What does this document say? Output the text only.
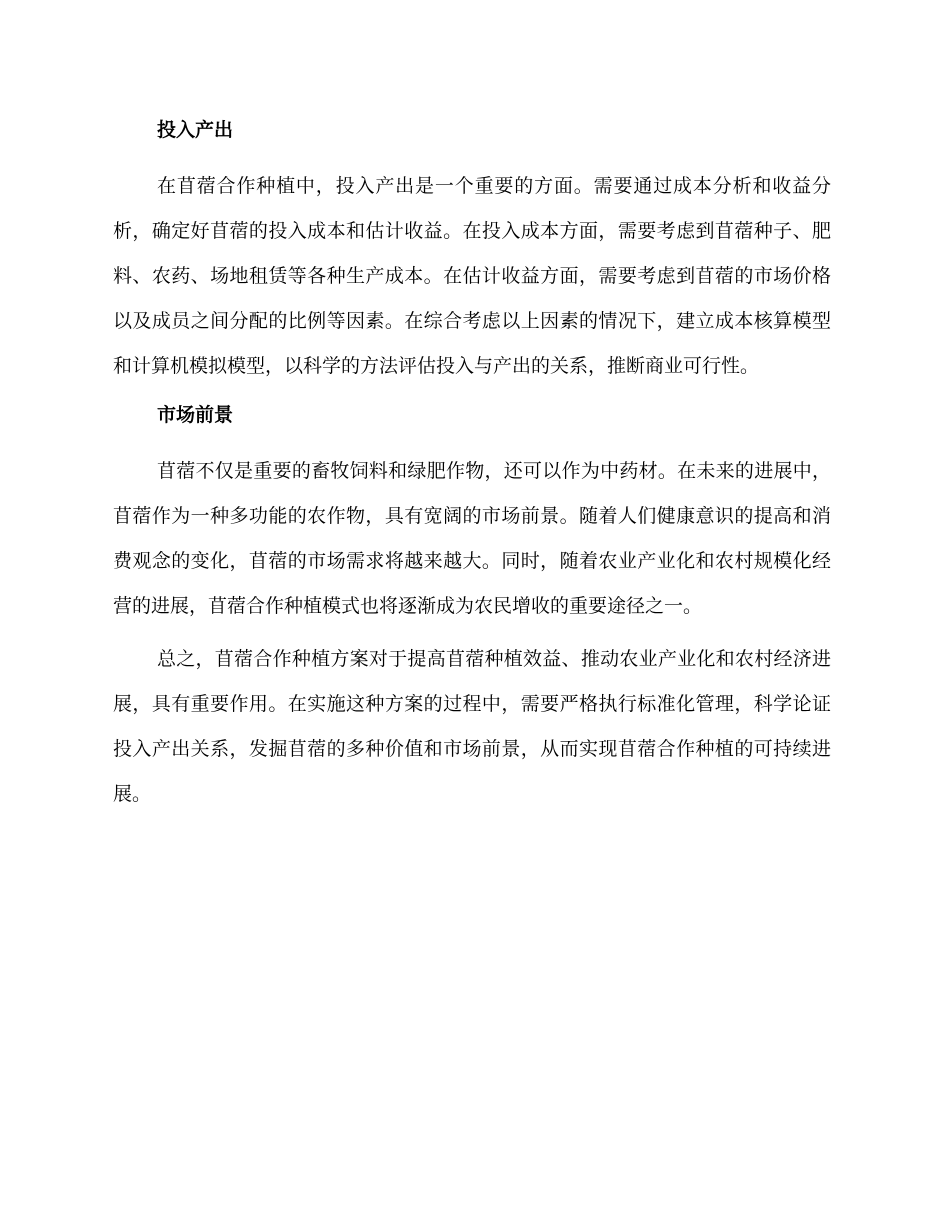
投入产出

在苜蓿合作种植中，投入产出是一个重要的方面。需要通过成本分析和收益分析，确定好苜蓿的投入成本和估计收益。在投入成本方面，需要考虑到苜蓿种子、肥料、农药、场地租赁等各种生产成本。在估计收益方面，需要考虑到苜蓿的市场价格以及成员之间分配的比例等因素。在综合考虑以上因素的情况下，建立成本核算模型和计算机模拟模型，以科学的方法评估投入与产出的关系，推断商业可行性。

市场前景

苜蓿不仅是重要的畜牧饲料和绿肥作物，还可以作为中药材。在未来的进展中，苜蓿作为一种多功能的农作物，具有宽阔的市场前景。随着人们健康意识的提高和消费观念的变化，苜蓿的市场需求将越来越大。同时，随着农业产业化和农村规模化经营的进展，苜蓿合作种植模式也将逐渐成为农民增收的重要途径之一。

总之，苜蓿合作种植方案对于提高苜蓿种植效益、推动农业产业化和农村经济进展，具有重要作用。在实施这种方案的过程中，需要严格执行标准化管理，科学论证投入产出关系，发掘苜蓿的多种价值和市场前景，从而实现苜蓿合作种植的可持续进展。
